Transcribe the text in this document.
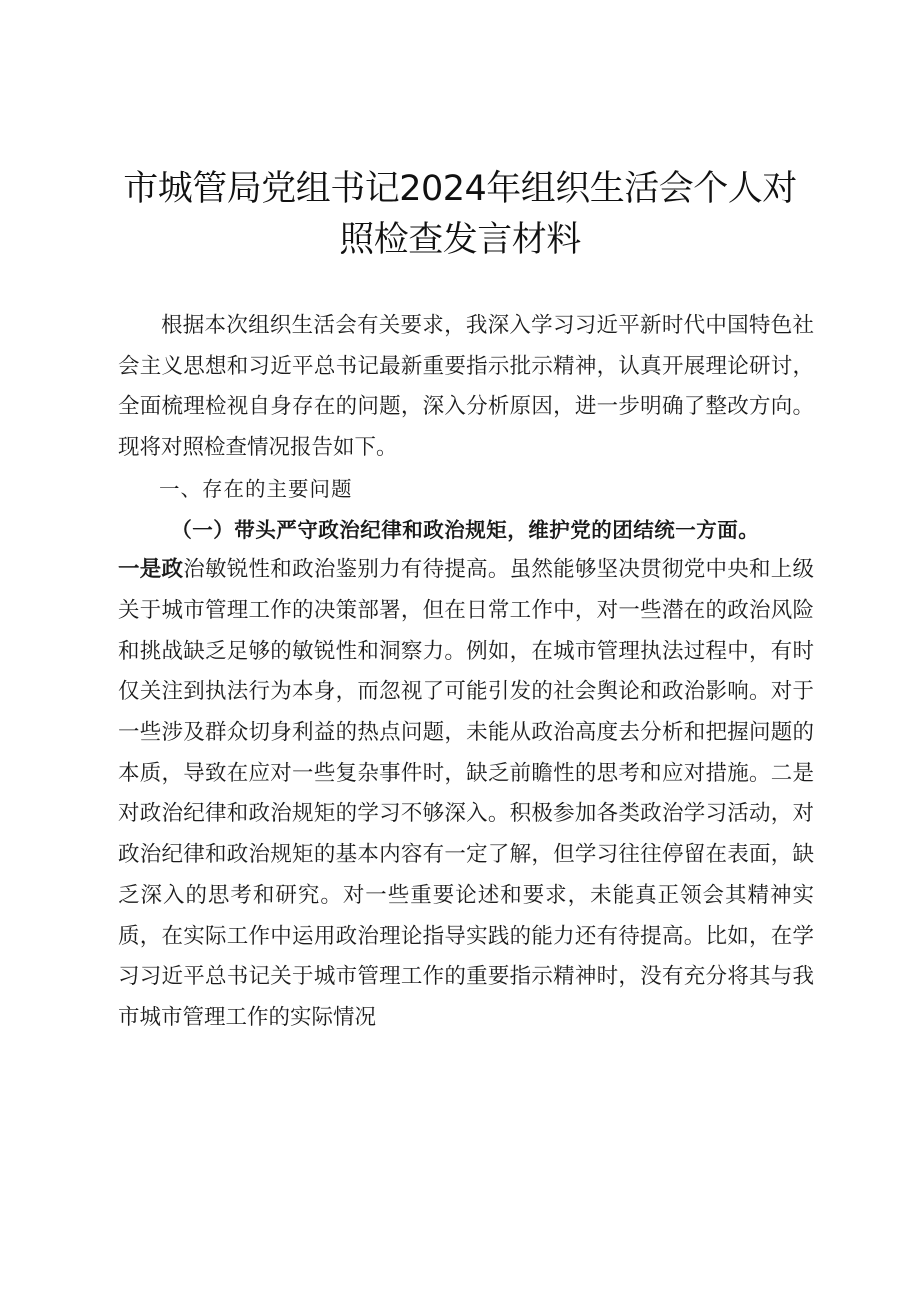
市城管局党组书记2024年组织生活会个人对
照检查发言材料

根据本次组织生活会有关要求，我深入学习习近平新时代中国特色社会主义思想和习近平总书记最新重要指示批示精神，认真开展理论研讨，全面梳理检视自身存在的问题，深入分析原因，进一步明确了整改方向。现将对照检查情况报告如下。

一、存在的主要问题

（一）带头严守政治纪律和政治规矩，维护党的团结统一方面。

一是政治敏锐性和政治鉴别力有待提高。虽然能够坚决贯彻党中央和上级关于城市管理工作的决策部署，但在日常工作中，对一些潜在的政治风险和挑战缺乏足够的敏锐性和洞察力。例如，在城市管理执法过程中，有时仅关注到执法行为本身，而忽视了可能引发的社会舆论和政治影响。对于一些涉及群众切身利益的热点问题，未能从政治高度去分析和把握问题的本质，导致在应对一些复杂事件时，缺乏前瞻性的思考和应对措施。二是对政治纪律和政治规矩的学习不够深入。积极参加各类政治学习活动，对政治纪律和政治规矩的基本内容有一定了解，但学习往往停留在表面，缺乏深入的思考和研究。对一些重要论述和要求，未能真正领会其精神实质，在实际工作中运用政治理论指导实践的能力还有待提高。比如，在学习习近平总书记关于城市管理工作的重要指示精神时，没有充分将其与我市城市管理工作的实际情况
